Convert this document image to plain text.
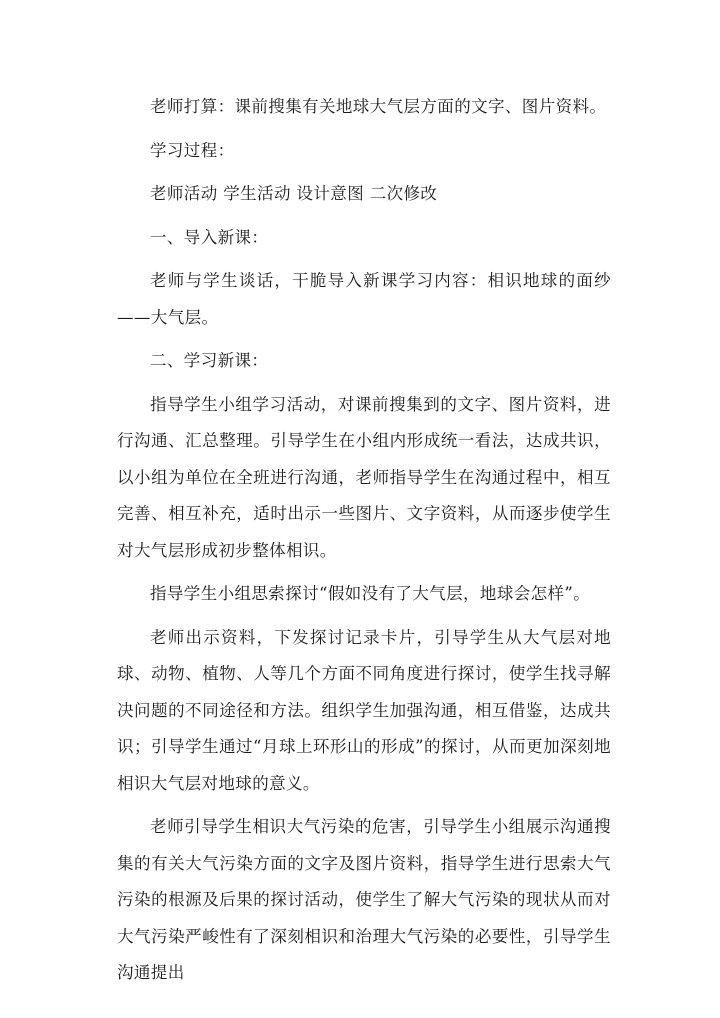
老师打算：课前搜集有关地球大气层方面的文字、图片资料。

学习过程：

老师活动 学生活动 设计意图 二次修改

一、导入新课：

老师与学生谈话，干脆导入新课学习内容：相识地球的面纱——大气层。

二、学习新课：

指导学生小组学习活动，对课前搜集到的文字、图片资料，进行沟通、汇总整理。引导学生在小组内形成统一看法，达成共识，以小组为单位在全班进行沟通，老师指导学生在沟通过程中，相互完善、相互补充，适时出示一些图片、文字资料，从而逐步使学生对大气层形成初步整体相识。

指导学生小组思索探讨“假如没有了大气层，地球会怎样”。

老师出示资料，下发探讨记录卡片，引导学生从大气层对地球、动物、植物、人等几个方面不同角度进行探讨，使学生找寻解决问题的不同途径和方法。组织学生加强沟通，相互借鉴，达成共识；引导学生通过“月球上环形山的形成”的探讨，从而更加深刻地相识大气层对地球的意义。

老师引导学生相识大气污染的危害，引导学生小组展示沟通搜集的有关大气污染方面的文字及图片资料，指导学生进行思索大气污染的根源及后果的探讨活动，使学生了解大气污染的现状从而对大气污染严峻性有了深刻相识和治理大气污染的必要性，引导学生沟通提出
